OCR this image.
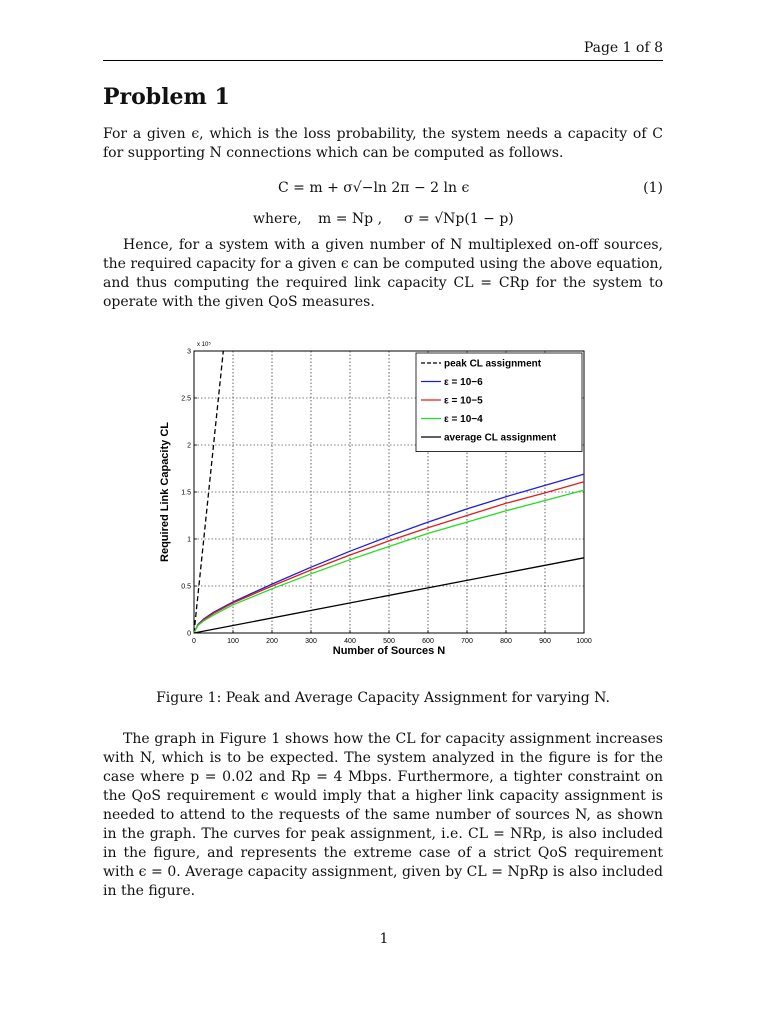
Page 1 of 8
Problem 1

For a given ϵ, which is the loss probability, the system needs a capacity of C for supporting N connections which can be computed as follows.

C = m + σ√−ln 2π − 2 ln ϵ	(1)
where, m = Np , σ = √Np(1 − p)

Hence, for a system with a given number of N multiplexed on-off sources, the required capacity for a given ϵ can be computed using the above equation, and thus computing the required link capacity CL = CRp for the system to operate with the given QoS measures.

0
0.5
1
1.5
2
2.5
3
0	100	200	300	400	500	600	700	800	900	1000
x 10⁵
Number of Sources N
Required Link Capacity CL
peak CL assignment
ε = 10−6
ε = 10−5
ε = 10−4
average CL assignment
Figure 1: Peak and Average Capacity Assignment for varying N.

The graph in Figure 1 shows how the CL for capacity assignment increases with N, which is to be expected. The system analyzed in the figure is for the case where p = 0.02 and Rp = 4 Mbps. Furthermore, a tighter constraint on the QoS requirement ϵ would imply that a higher link capacity assignment is needed to attend to the requests of the same number of sources N, as shown in the graph. The curves for peak assignment, i.e. CL = NRp, is also included in the figure, and represents the extreme case of a strict QoS requirement with ϵ = 0. Average capacity assignment, given by CL = NpRp is also included in the figure.

1
